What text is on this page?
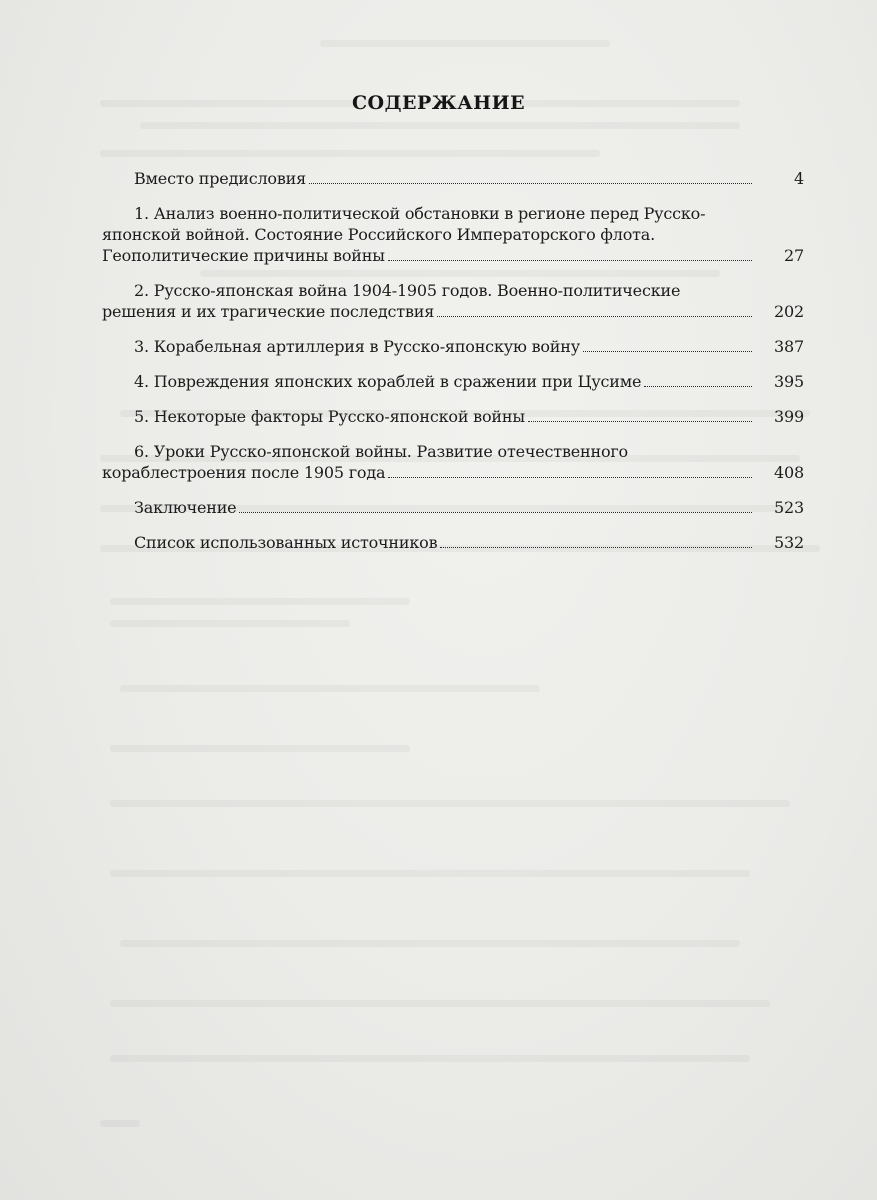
СОДЕРЖАНИЕ
Вместо предисловия	4
1. Анализ военно-политической обстановки в регионе перед Русско-
японской войной. Состояние Российского Императорского флота.
Геополитические причины войны	27
2. Русско-японская война 1904-1905 годов. Военно-политические
решения и их трагические последствия	202
3. Корабельная артиллерия в Русско-японскую войну	387
4. Повреждения японских кораблей в сражении при Цусиме	395
5. Некоторые факторы Русско-японской войны	399
6. Уроки Русско-японской войны. Развитие отечественного
кораблестроения после 1905 года	408
Заключение	523
Список использованных источников	532
